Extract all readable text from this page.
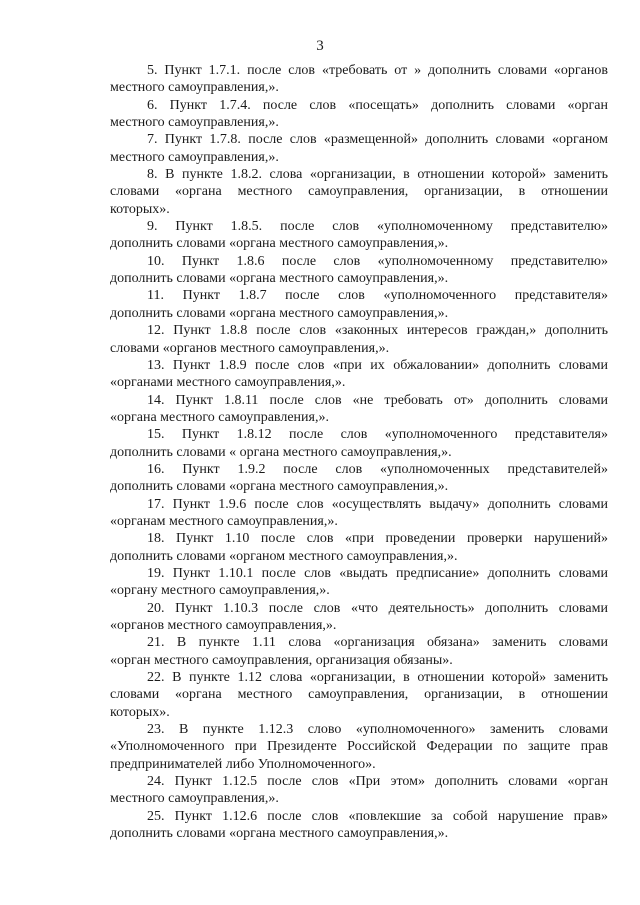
3
5. Пункт 1.7.1. после слов «требовать от » дополнить словами «органов
местного самоуправления,».
6. Пункт 1.7.4. после слов «посещать» дополнить словами «орган
местного самоуправления,».
7. Пункт 1.7.8. после слов «размещенной» дополнить словами «органом
местного самоуправления,».
8. В пункте 1.8.2. слова «организации, в отношении которой» заменить
словами «органа местного самоуправления, организации, в отношении
которых».
9. Пункт 1.8.5. после слов «уполномоченному представителю»
дополнить словами «органа местного самоуправления,».
10. Пункт 1.8.6 после слов «уполномоченному представителю»
дополнить словами «органа местного самоуправления,».
11. Пункт 1.8.7 после слов «уполномоченного представителя»
дополнить словами «органа местного самоуправления,».
12. Пункт 1.8.8 после слов «законных интересов граждан,» дополнить
словами «органов местного самоуправления,».
13. Пункт 1.8.9 после слов «при их обжаловании» дополнить словами
«органами местного самоуправления,».
14. Пункт 1.8.11 после слов «не требовать от» дополнить словами
«органа местного самоуправления,».
15. Пункт 1.8.12 после слов «уполномоченного представителя»
дополнить словами « органа местного самоуправления,».
16. Пункт 1.9.2 после слов «уполномоченных представителей»
дополнить словами «органа местного самоуправления,».
17. Пункт 1.9.6 после слов «осуществлять выдачу» дополнить словами
«органам местного самоуправления,».
18. Пункт 1.10 после слов «при проведении проверки нарушений»
дополнить словами «органом местного самоуправления,».
19. Пункт 1.10.1 после слов «выдать предписание» дополнить словами
«органу местного самоуправления,».
20. Пункт 1.10.3 после слов «что деятельность» дополнить словами
«органов местного самоуправления,».
21. В пункте 1.11 слова «организация обязана» заменить словами
«орган местного самоуправления, организация обязаны».
22. В пункте 1.12 слова «организации, в отношении которой» заменить
словами «органа местного самоуправления, организации, в отношении
которых».
23. В пункте 1.12.3 слово «уполномоченного» заменить словами
«Уполномоченного при Президенте Российской Федерации по защите прав
предпринимателей либо Уполномоченного».
24. Пункт 1.12.5 после слов «При этом» дополнить словами «орган
местного самоуправления,».
25. Пункт 1.12.6 после слов «повлекшие за собой нарушение прав»
дополнить словами «органа местного самоуправления,».
